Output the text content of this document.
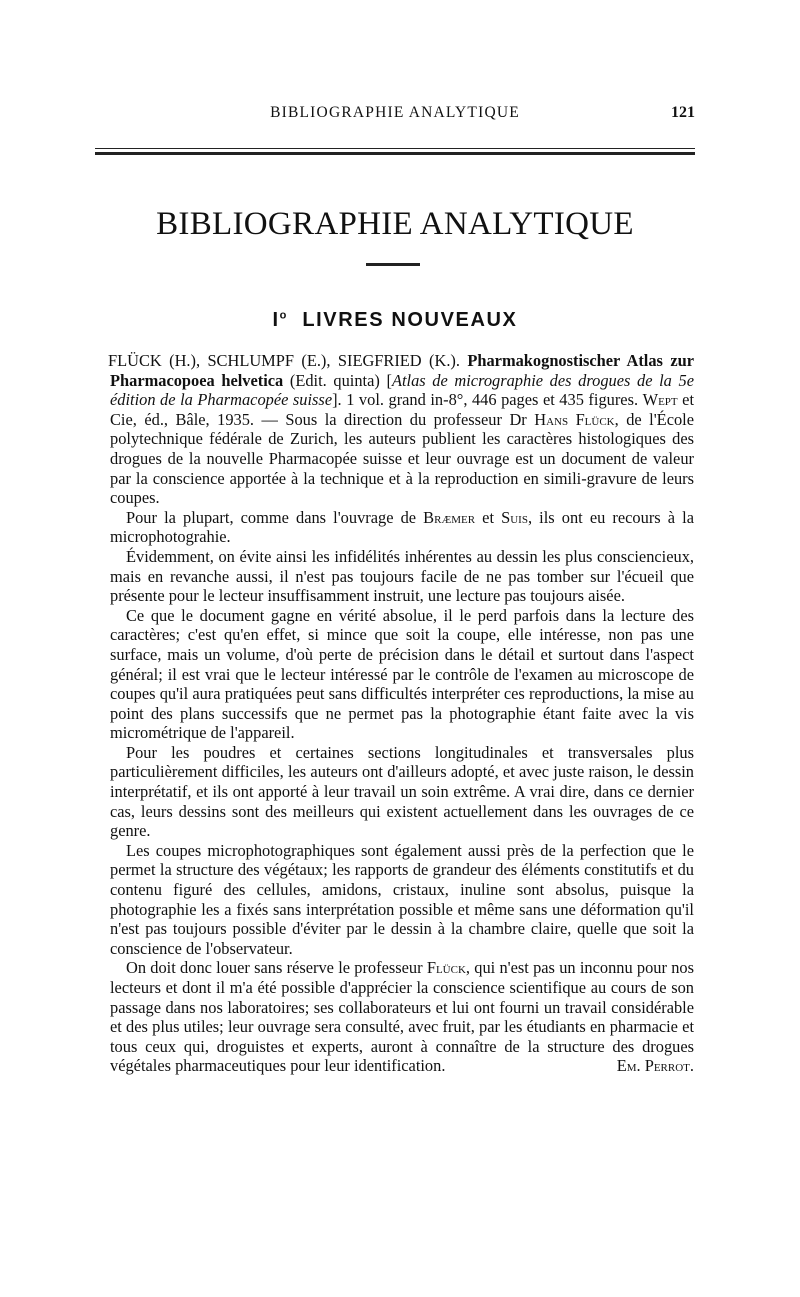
BIBLIOGRAPHIE ANALYTIQUE	121
BIBLIOGRAPHIE ANALYTIQUE
$I^o$ LIVRES NOUVEAUX

FLÜCK (H.), SCHLUMPF (E.), SIEGFRIED (K.). Pharmakognostischer Atlas zur Pharmacopoea helvetica (Edit. quinta) [Atlas de micrographie des drogues de la 5e édition de la Pharmacopée suisse]. 1 vol. grand in-8°, 446 pages et 435 figures. Wept et Cie, éd., Bâle, 1935. — Sous la direction du professeur Dr Hans Flück, de l'École polytechnique fédérale de Zurich, les auteurs publient les caractères histologiques des drogues de la nouvelle Pharmacopée suisse et leur ouvrage est un document de valeur par la conscience apportée à la technique et à la reproduction en simili-gravure de leurs coupes.

Pour la plupart, comme dans l'ouvrage de Bræmer et Suis, ils ont eu recours à la microphotograhie.

Évidemment, on évite ainsi les infidélités inhérentes au dessin les plus consciencieux, mais en revanche aussi, il n'est pas toujours facile de ne pas tomber sur l'écueil que présente pour le lecteur insuffisamment instruit, une lecture pas toujours aisée.

Ce que le document gagne en vérité absolue, il le perd parfois dans la lecture des caractères; c'est qu'en effet, si mince que soit la coupe, elle intéresse, non pas une surface, mais un volume, d'où perte de précision dans le détail et surtout dans l'aspect général; il est vrai que le lecteur intéressé par le contrôle de l'examen au microscope de coupes qu'il aura pratiquées peut sans difficultés interpréter ces reproductions, la mise au point des plans successifs que ne permet pas la photographie étant faite avec la vis micrométrique de l'appareil.

Pour les poudres et certaines sections longitudinales et transversales plus particulièrement difficiles, les auteurs ont d'ailleurs adopté, et avec juste raison, le dessin interprétatif, et ils ont apporté à leur travail un soin extrême. A vrai dire, dans ce dernier cas, leurs dessins sont des meilleurs qui existent actuellement dans les ouvrages de ce genre.

Les coupes microphotographiques sont également aussi près de la perfection que le permet la structure des végétaux; les rapports de grandeur des éléments constitutifs et du contenu figuré des cellules, amidons, cristaux, inuline sont absolus, puisque la photographie les a fixés sans interprétation possible et même sans une déformation qu'il n'est pas toujours possible d'éviter par le dessin à la chambre claire, quelle que soit la conscience de l'observateur.

On doit donc louer sans réserve le professeur Flück, qui n'est pas un inconnu pour nos lecteurs et dont il m'a été possible d'apprécier la conscience scientifique au cours de son passage dans nos laboratoires; ses collaborateurs et lui ont fourni un travail considérable et des plus utiles; leur ouvrage sera consulté, avec fruit, par les étudiants en pharmacie et tous ceux qui, droguistes et experts, auront à connaître de la structure des drogues végétales pharmaceutiques pour leur identification.	Em. Perrot.
